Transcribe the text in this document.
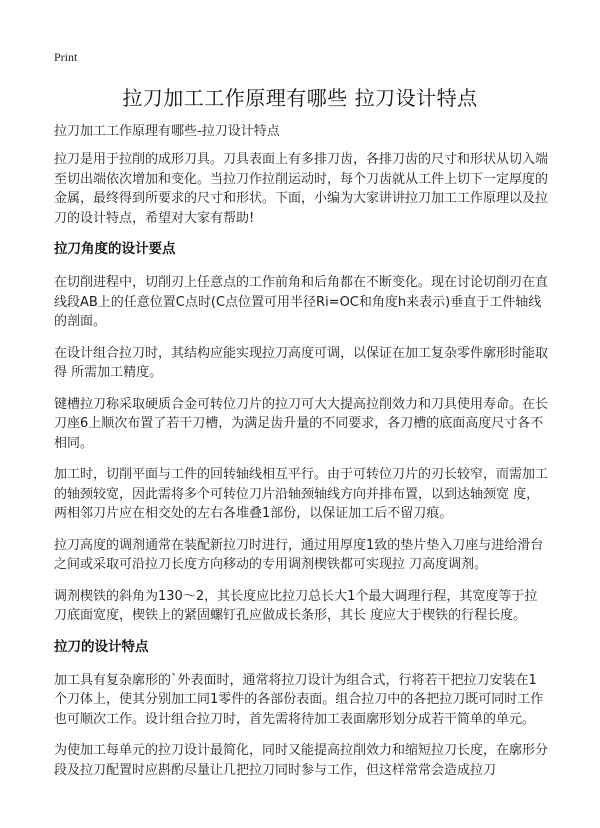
Print
拉刀加工工作原理有哪些 拉刀设计特点
拉刀加工工作原理有哪些-拉刀设计特点

拉刀是用于拉削的成形刀具。刀具表面上有多排刀齿，各排刀齿的尺寸和形状从切入端至切出端依次增加和变化。当拉刀作拉削运动时，每个刀齿就从工件上切下一定厚度的金属，最终得到所要求的尺寸和形状。下面，小编为大家讲讲拉刀加工工作原理以及拉刀的设计特点，希望对大家有帮助!

拉刀角度的设计要点

在切削进程中，切削刃上任意点的工作前角和后角都在不断变化。现在讨论切削刃在直线段AB上的任意位置C点时(C点位置可用半径Ri=OC和角度h来表示)垂直于工件轴线的剖面。

在设计组合拉刀时，其结构应能实现拉刀高度可调，以保证在加工复杂零件廓形时能取得 所需加工精度。

键槽拉刀称采取硬质合金可转位刀片的拉刀可大大提高拉削效力和刀具使用寿命。在长刀座6上顺次布置了若干刀槽，为满足齿升量的不同要求，各刀槽的底面高度尺寸各不相同。

加工时，切削平面与工件的回转轴线相互平行。由于可转位刀片的刃长较窄，而需加工的轴颈较宽，因此需将多个可转位刀片沿轴颈轴线方向并排布置，以到达轴颈宽 度，两相邻刀片应在相交处的左右各堆叠1部份，以保证加工后不留刀痕。

拉刀高度的调剂通常在装配新拉刀时进行，通过用厚度1致的垫片垫入刀座与进给滑台之间或采取可沿拉刀长度方向移动的专用调剂楔铁都可实现拉 刀高度调剂。

调剂楔铁的斜角为130～2，其长度应比拉刀总长大1个最大调理行程，其宽度等于拉刀底面宽度，楔铁上的紧固螺钉孔应做成长条形，其长 度应大于楔铁的行程长度。

拉刀的设计特点

加工具有复杂廓形的`外表面时，通常将拉刀设计为组合式，行将若干把拉刀安装在1个刀体上，使其分别加工同1零件的各部份表面。组合拉刀中的各把拉刀既可同时工作也可顺次工作。设计组合拉刀时，首先需将待加工表面廓形划分成若干简单的单元。

为使加工每单元的拉刀设计最简化，同时又能提高拉削效力和缩短拉刀长度，在廓形分段及拉刀配置时应斟酌尽量让几把拉刀同时参与工作，但这样常常会造成拉刀
